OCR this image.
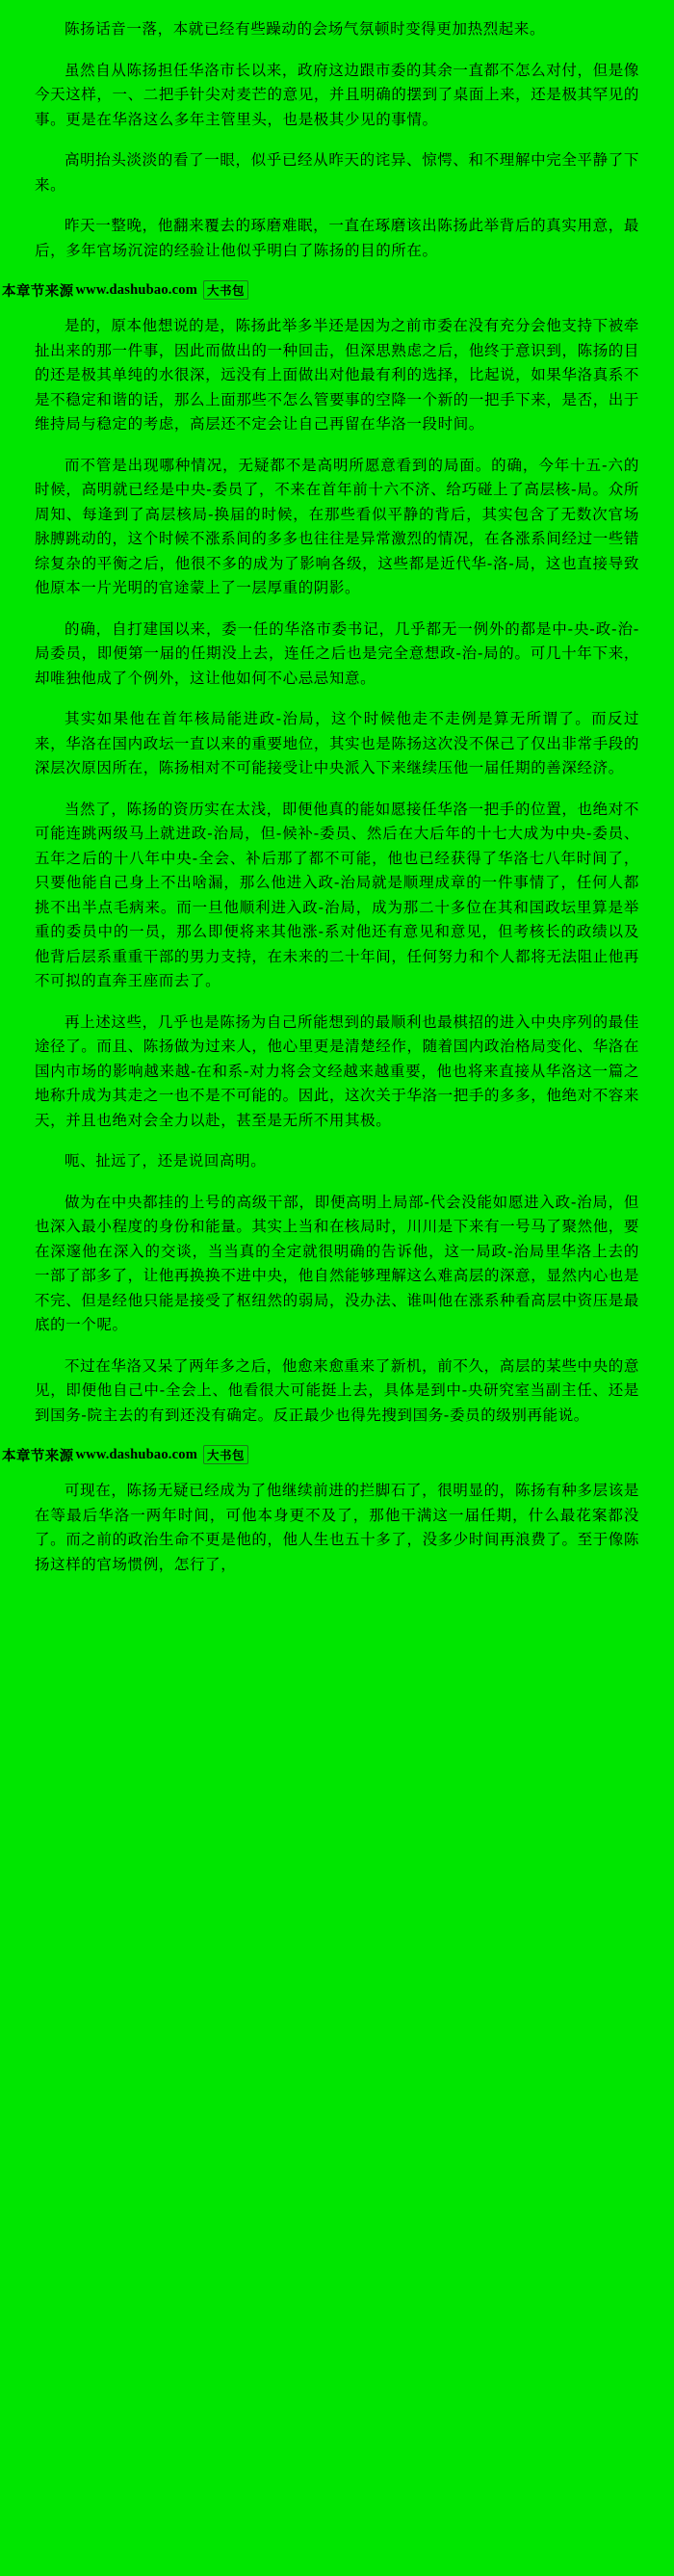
陈扬话音一落，本就已经有些躁动的会场气氛顿时变得更加热烈起来。

虽然自从陈扬担任华洛市长以来，政府这边跟市委的其余一直都不怎么对付，但是像今天这样，一、二把手针尖对麦芒的意见，并且明确的摆到了桌面上来，还是极其罕见的事。更是在华洛这么多年主管里头，也是极其少见的事情。

高明抬头淡淡的看了一眼，似乎已经从昨天的诧异、惊愕、和不理解中完全平静了下来。

昨天一整晚，他翻来覆去的琢磨难眠，一直在琢磨该出陈扬此举背后的真实用意，最后，多年官场沉淀的经验让他似乎明白了陈扬的目的所在。

本章节来源 www.dashubao.com 大书包

是的，原本他想说的是，陈扬此举多半还是因为之前市委在没有充分会他支持下被牵扯出来的那一件事，因此而做出的一种回击，但深思熟虑之后，他终于意识到，陈扬的目的还是极其单纯的水很深，远没有上面做出对他最有利的选择，比起说，如果华洛真系不是不稳定和谐的话，那么上面那些不怎么管要事的空降一个新的一把手下来，是否，出于维持局与稳定的考虑，高层还不定会让自己再留在华洛一段时间。

而不管是出现哪种情况，无疑都不是高明所愿意看到的局面。的确，今年十五-六的时候，高明就已经是中央-委员了，不来在首年前十六不济、给巧碰上了高层核-局。众所周知、每逢到了高层核局-换届的时候，在那些看似平静的背后，其实包含了无数次官场脉膊跳动的，这个时候不涨系间的多多也往往是异常激烈的情况，在各涨系间经过一些错综复杂的平衡之后，他很不多的成为了影响各级，这些都是近代华-洛-局，这也直接导致他原本一片光明的官途蒙上了一层厚重的阴影。

的确，自打建国以来，委一任的华洛市委书记，几乎都无一例外的都是中-央-政-治-局委员，即便第一届的任期没上去，连任之后也是完全意想政-治-局的。可几十年下来，却唯独他成了个例外，这让他如何不心忌忌知意。

其实如果他在首年核局能进政-治局，这个时候他走不走例是算无所谓了。而反过来，华洛在国内政坛一直以来的重要地位，其实也是陈扬这次没不保己了仅出非常手段的深层次原因所在，陈扬相对不可能接受让中央派入下来继续压他一届任期的善深经济。

当然了，陈扬的资历实在太浅，即便他真的能如愿接任华洛一把手的位置，也绝对不可能连跳两级马上就进政-治局，但-候补-委员、然后在大后年的十七大成为中央-委员、五年之后的十八年中央-全会、补后那了都不可能，他也已经获得了华洛七八年时间了，只要他能自己身上不出啥漏，那么他进入政-治局就是顺理成章的一件事情了，任何人都挑不出半点毛病来。而一旦他顺利进入政-治局，成为那二十多位在其和国政坛里算是举重的委员中的一员，那么即便将来其他涨-系对他还有意见和意见，但考核长的政绩以及他背后层系重重干部的男力支持，在未来的二十年间，任何努力和个人都将无法阻止他再不可拟的直奔王座而去了。

再上述这些，几乎也是陈扬为自己所能想到的最顺利也最棋招的进入中央序列的最佳途径了。而且、陈扬做为过来人，他心里更是清楚经作，随着国内政治格局变化、华洛在国内市场的影响越来越-在和系-对力将会文经越来越重要，他也将来直接从华洛这一篇之地称升成为其走之一也不是不可能的。因此，这次关于华洛一把手的多多，他绝对不容来天，并且也绝对会全力以赴，甚至是无所不用其极。

呃、扯远了，还是说回高明。

做为在中央都挂的上号的高级干部，即便高明上局部-代会没能如愿进入政-治局，但也深入最小程度的身份和能量。其实上当和在核局时，川川是下来有一号马了聚然他，要在深邃他在深入的交谈，当当真的全定就很明确的告诉他，这一局政-治局里华洛上去的一部了部多了，让他再换换不进中央，他自然能够理解这么难高层的深意，显然内心也是不完、但是经他只能是接受了枢纽然的弱局，没办法、谁叫他在涨系种看高层中资压是最底的一个呢。

不过在华洛又呆了两年多之后，他愈来愈重来了新机，前不久，高层的某些中央的意见，即便他自己中-全会上、他看很大可能挺上去，具体是到中-央研究室当副主任、还是到国务-院主去的有到还没有确定。反正最少也得先搜到国务-委员的级别再能说。

本章节来源 www.dashubao.com 大书包

可现在，陈扬无疑已经成为了他继续前进的拦脚石了，很明显的，陈扬有种多层该是在等最后华洛一两年时间，可他本身更不及了，那他干满这一届任期，什么最花案都没了。而之前的政治生命不更是他的，他人生也五十多了，没多少时间再浪费了。至于像陈扬这样的官场惯例，怎行了，
